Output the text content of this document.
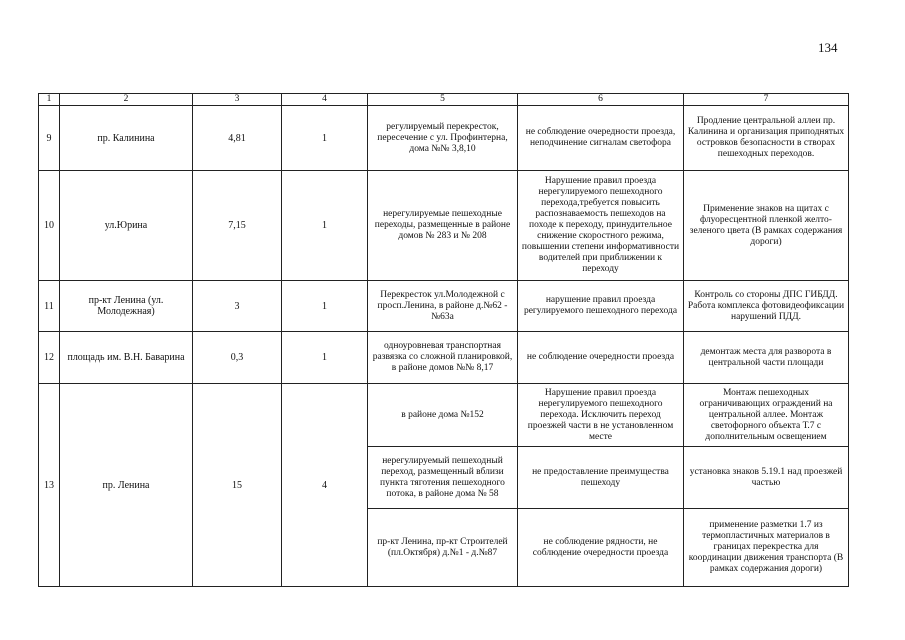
134
1	2	3	4	5	6	7
9	пр. Калинина	4,81	1	регулируемый перекресток, пересечение с ул. Профинтерна, дома №№ 3,8,10	не соблюдение очередности проезда, неподчинение сигналам светофора	Продление центральной аллеи пр. Калинина и организация приподнятых островков безопасности в створах пешеходных переходов.
10	ул.Юрина	7,15	1	нерегулируемые пешеходные переходы, размещенные в районе домов № 283 и № 208	Нарушение правил проезда нерегулируемого пешеходного перехода,требуется повысить распознаваемость пешеходов на походе к переходу, принудительное снижение скоростного режима, повышении степени информативности водителей при приближении к переходу	Применение знаков на щитах с флуоресцентной пленкой желто-зеленого цвета (В рамках содержания дороги)
11	пр-кт Ленина (ул. Молодежная)	3	1	Перекресток ул.Молодежной с просп.Ленина, в районе д.№62 - №63а	нарушение правил проезда регулируемого пешеходного перехода	Контроль со стороны ДПС ГИБДД. Работа комплекса фотовидеофиксации нарушений ПДД.
12	площадь им. В.Н. Баварина	0,3	1	одноуровневая транспортная развязка со сложной планировкой, в районе домов №№ 8,17	не соблюдение очередности проезда	демонтаж места для разворота в центральной части площади
13	пр. Ленина	15	4	в районе дома №152	Нарушение правил проезда нерегулируемого пешеходного перехода. Исключить переход проезжей части в не установленном месте	Монтаж пешеходных ограничивающих ограждений на центральной аллее. Монтаж светофорного объекта Т.7 с дополнительным освещением
				нерегулируемый пешеходный переход, размещенный вблизи пункта тяготения пешеходного потока, в районе дома № 58	не предоставление преимущества пешеходу	установка знаков 5.19.1 над проезжей частью
				пр-кт Ленина, пр-кт Строителей (пл.Октября) д.№1 - д.№87	не соблюдение рядности, не соблюдение очередности проезда	применение разметки 1.7 из термопластичных материалов в границах перекрестка для координации движения транспорта (В рамках содержания дороги)
